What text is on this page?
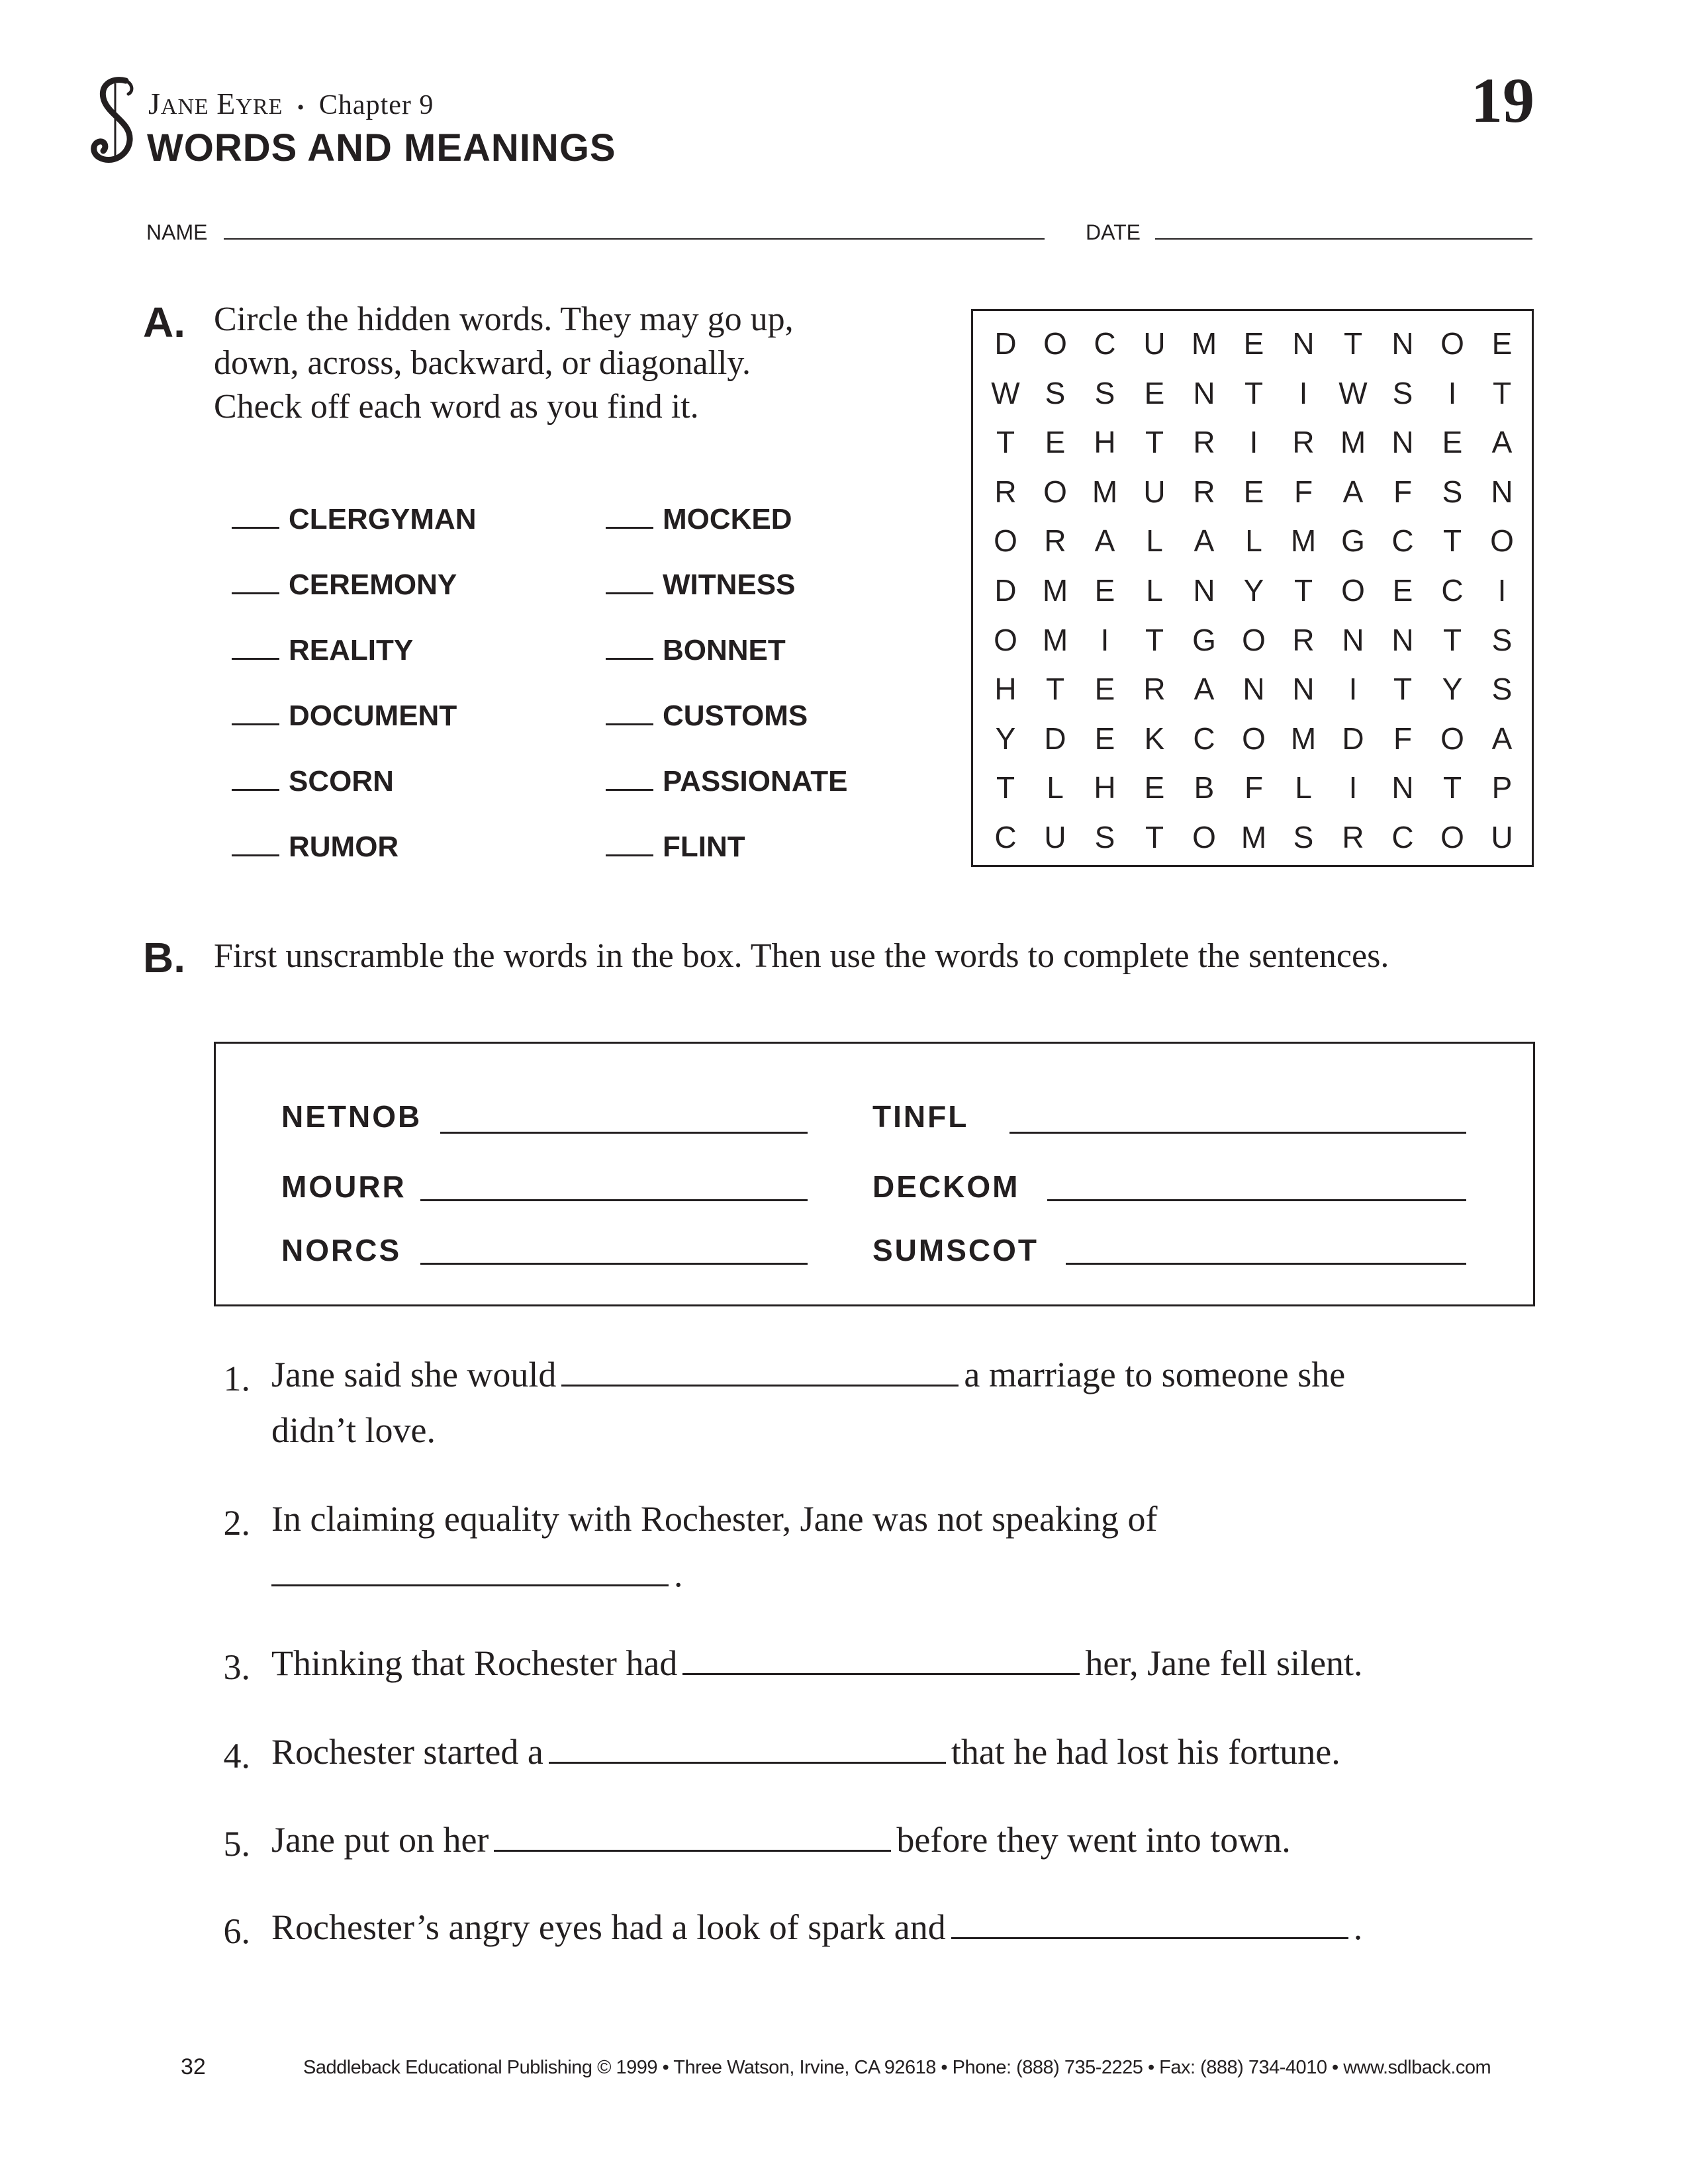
JANE EYRE • Chapter 9
WORDS AND MEANINGS
19
NAME	DATE
A. Circle the hidden words. They may go up, down, across, backward, or diagonally. Check off each word as you find it.
CLERGYMAN
CEREMONY
REALITY
DOCUMENT
SCORN
RUMOR
MOCKED
WITNESS
BONNET
CUSTOMS
PASSIONATE
FLINT
D O C U M E N T N O E
W S S E N T	I	W S	I	T
T E H T R	I	R M N E A
R O M U R E F A F S N
O R A	L	A	L M G C T O
D M E	L N Y T O E C	I
O M	I	T G O R N N T S
H T E R A N N	I	T Y S
Y D E K C O M D F O A
T	L H E B F	L	I	N T P
C U S T O M S R C O U
B. First unscramble the words in the box. Then use the words to complete the sentences.
NETNOB
MOURR
NORCS
TINFL
DECKOM
SUMSCOT
1. Jane said she would	a marriage to someone she
didn’t love.
2. In claiming equality with Rochester, Jane was not speaking of
.
3. Thinking that Rochester had	her, Jane fell silent.
4. Rochester started a	that he had lost his fortune.
5. Jane put on her	before they went into town.
6. Rochester’s angry eyes had a look of spark and	.
32	Saddleback Educational Publishing © 1999 • Three Watson, Irvine, CA 92618 • Phone: (888) 735-2225 • Fax: (888) 734-4010 • www.sdlback.com
